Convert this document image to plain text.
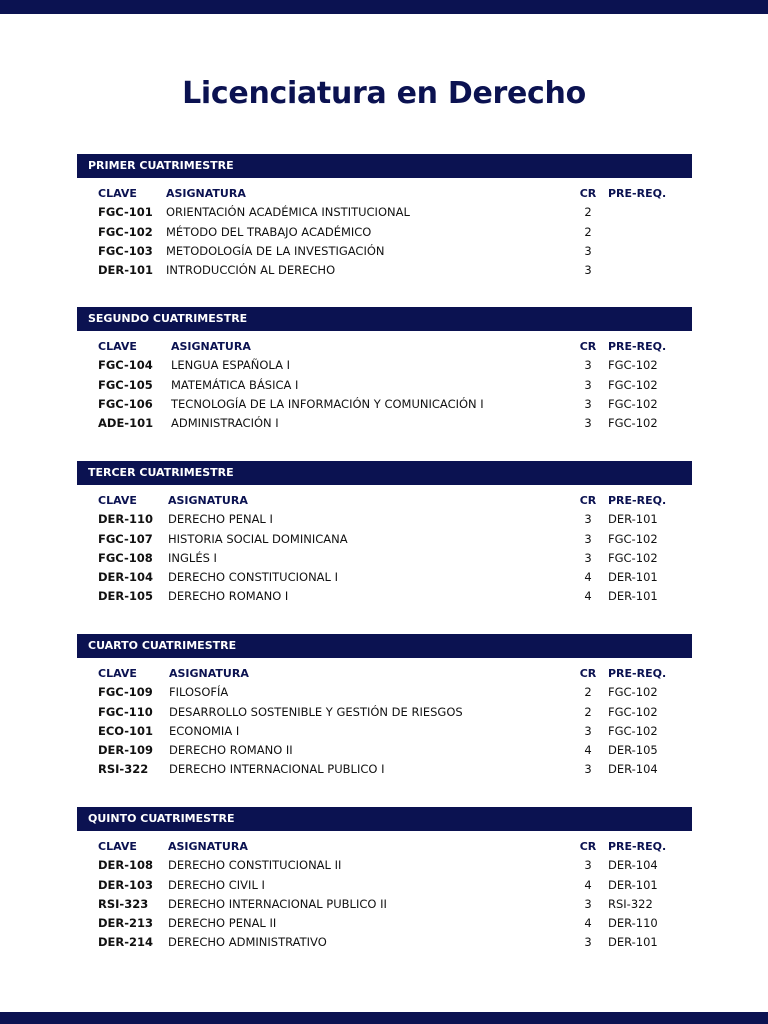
Licenciatura en Derecho
PRIMER CUATRIMESTRE
CLAVE	ASIGNATURA	CR	PRE-REQ.
FGC-101 ORIENTACIÓN ACADÉMICA INSTITUCIONAL	2
FGC-102 MÉTODO DEL TRABAJO ACADÉMICO	2
FGC-103 METODOLOGÍA DE LA INVESTIGACIÓN	3
DER-101 INTRODUCCIÓN AL DERECHO	3
SEGUNDO CUATRIMESTRE
CLAVE	ASIGNATURA	CR	PRE-REQ.
FGC-104 LENGUA ESPAÑOLA I	3	FGC-102
FGC-105 MATEMÁTICA BÁSICA I	3	FGC-102
FGC-106 TECNOLOGÍA DE LA INFORMACIÓN Y COMUNICACIÓN I	3	FGC-102
ADE-101 ADMINISTRACIÓN I	3	FGC-102
TERCER CUATRIMESTRE
CLAVE	ASIGNATURA	CR	PRE-REQ.
DER-110 DERECHO PENAL I	3	DER-101
FGC-107 HISTORIA SOCIAL DOMINICANA	3	FGC-102
FGC-108 INGLÉS I	3	FGC-102
DER-104 DERECHO CONSTITUCIONAL I	4	DER-101
DER-105 DERECHO ROMANO I	4	DER-101
CUARTO CUATRIMESTRE
CLAVE	ASIGNATURA	CR	PRE-REQ.
FGC-109 FILOSOFÍA	2	FGC-102
FGC-110 DESARROLLO SOSTENIBLE Y GESTIÓN DE RIESGOS	2	FGC-102
ECO-101 ECONOMIA I	3	FGC-102
DER-109 DERECHO ROMANO II	4	DER-105
RSI-322 DERECHO INTERNACIONAL PUBLICO I	3	DER-104
QUINTO CUATRIMESTRE
CLAVE	ASIGNATURA	CR	PRE-REQ.
DER-108 DERECHO CONSTITUCIONAL II	3	DER-104
DER-103 DERECHO CIVIL I	4	DER-101
RSI-323 DERECHO INTERNACIONAL PUBLICO II	3	RSI-322
DER-213 DERECHO PENAL II	4	DER-110
DER-214 DERECHO ADMINISTRATIVO	3	DER-101
